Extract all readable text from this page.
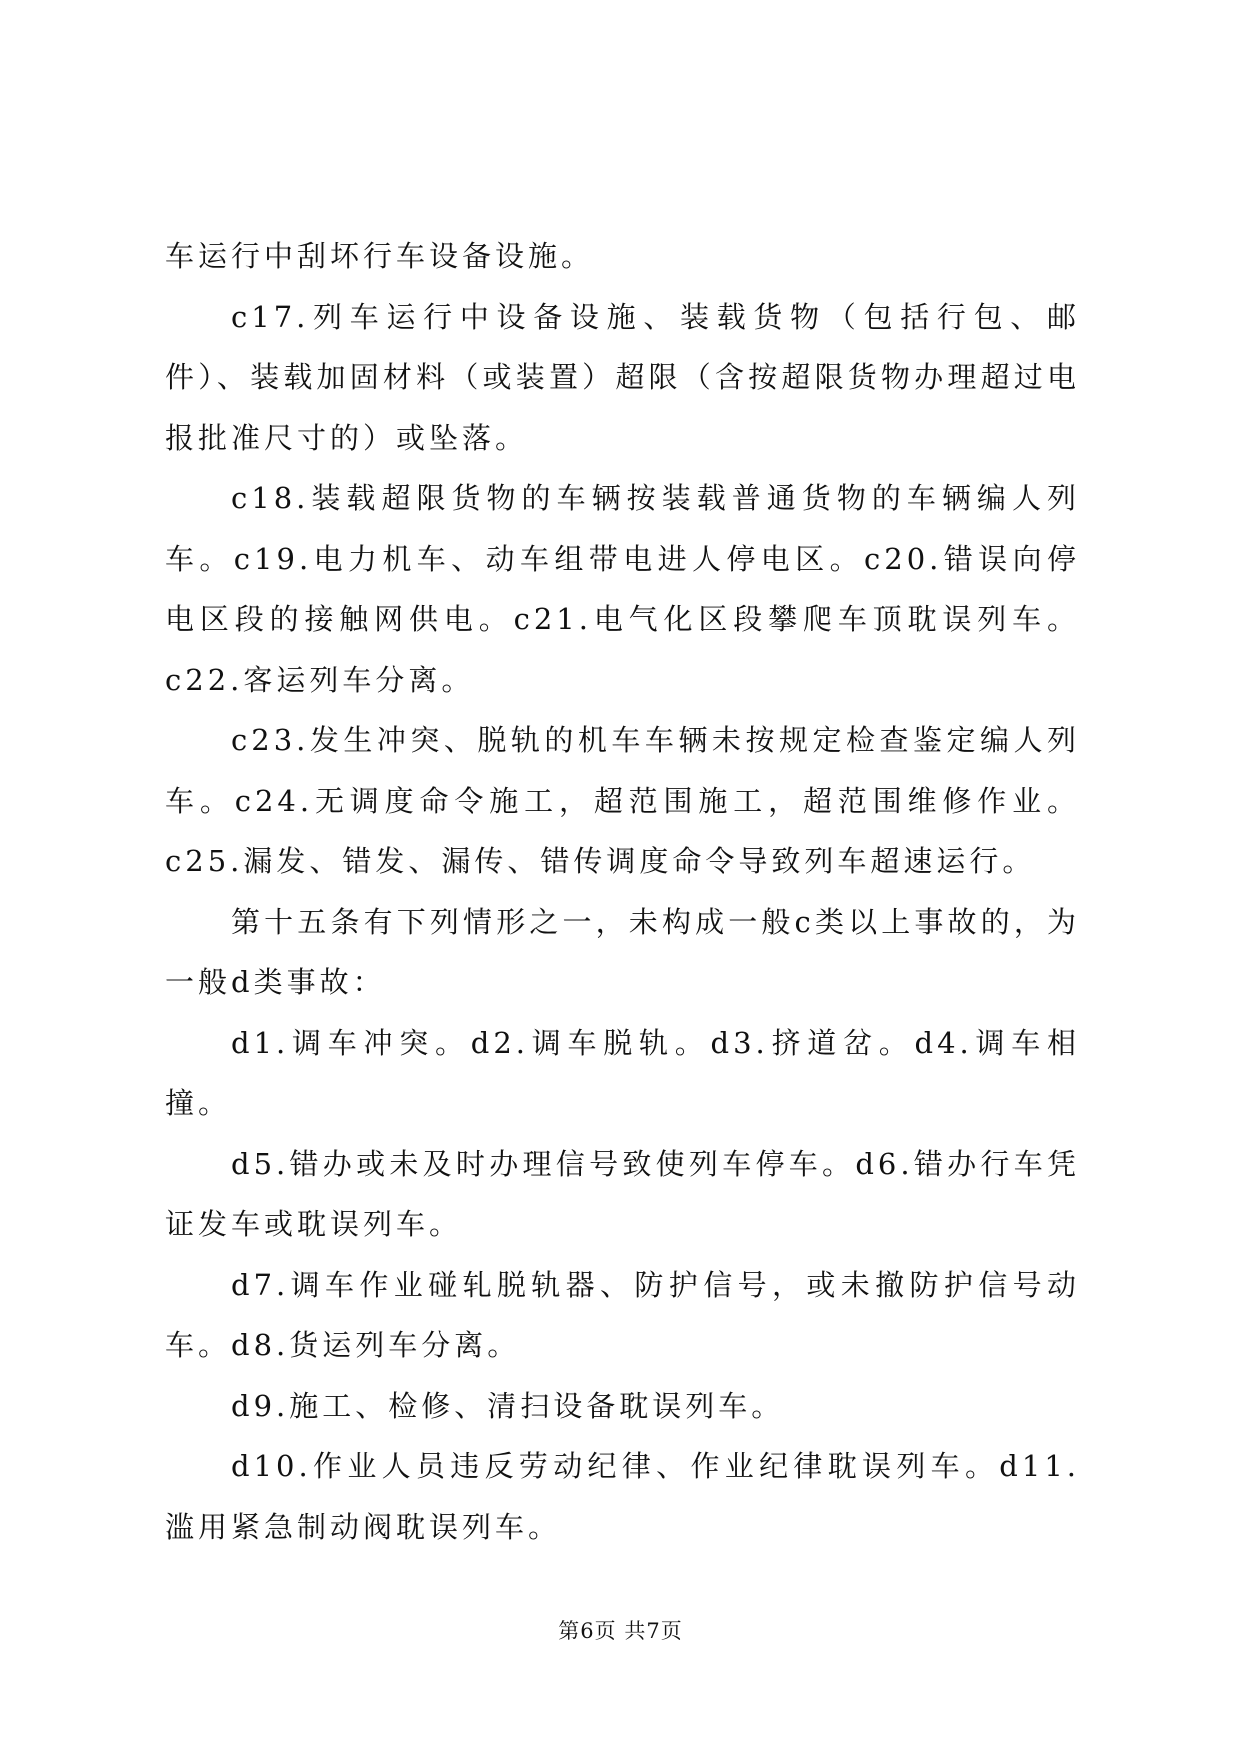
车运行中刮坏行车设备设施。

c17.列车运行中设备设施、装载货物（包括行包、邮件）、装载加固材料（或装置）超限（含按超限货物办理超过电报批准尺寸的）或坠落。

c18.装载超限货物的车辆按装载普通货物的车辆编人列车。c19.电力机车、动车组带电进人停电区。c20.错误向停电区段的接触网供电。c21.电气化区段攀爬车顶耽误列车。c22.客运列车分离。

c23.发生冲突、脱轨的机车车辆未按规定检查鉴定编人列车。c24.无调度命令施工，超范围施工，超范围维修作业。c25.漏发、错发、漏传、错传调度命令导致列车超速运行。

第十五条有下列情形之一，未构成一般c类以上事故的，为一般d类事故：

d1.调车冲突。d2.调车脱轨。d3.挤道岔。d4.调车相撞。

d5.错办或未及时办理信号致使列车停车。d6.错办行车凭证发车或耽误列车。

d7.调车作业碰轧脱轨器、防护信号，或未撤防护信号动车。d8.货运列车分离。

d9.施工、检修、清扫设备耽误列车。

d10.作业人员违反劳动纪律、作业纪律耽误列车。d11.滥用紧急制动阀耽误列车。

第6页 共7页
